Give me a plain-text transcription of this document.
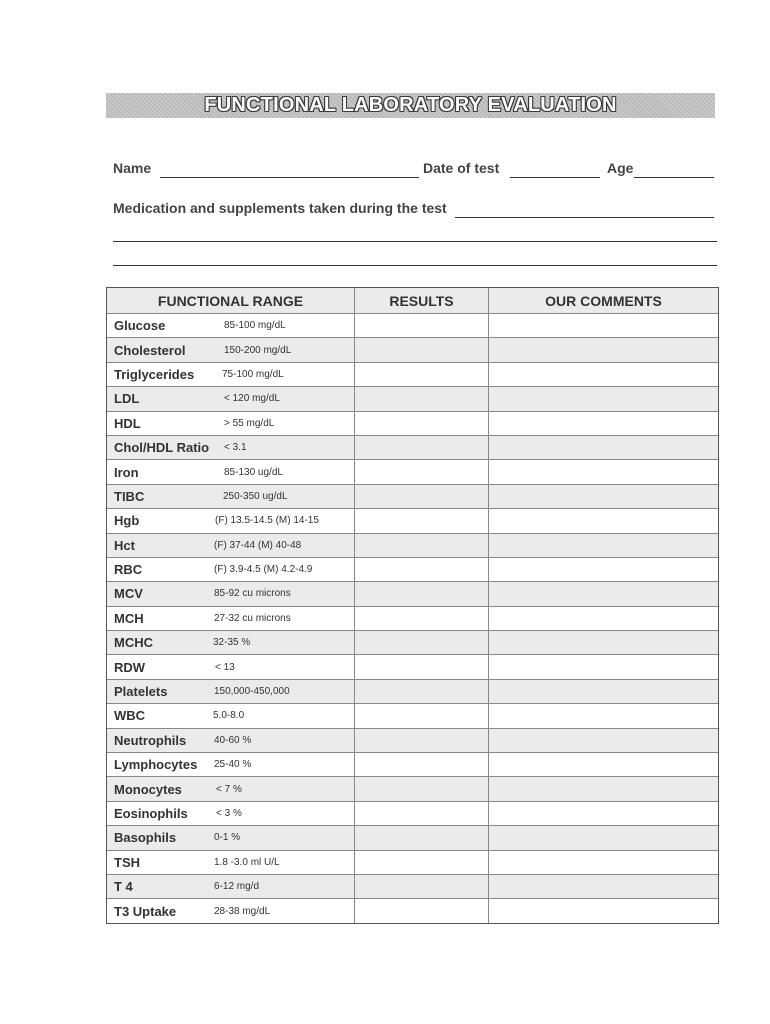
FUNCTIONAL LABORATORY EVALUATION
Name	Date of test	Age
Medication and supplements taken during the test
FUNCTIONAL RANGE	RESULTS	OUR COMMENTS
Glucose	85-100 mg/dL
Cholesterol	150-200 mg/dL
Triglycerides	75-100 mg/dL
LDL	< 120 mg/dL
HDL	> 55 mg/dL
Chol/HDL Ratio	< 3.1
Iron	85-130 ug/dL
TIBC	250-350 ug/dL
Hgb	(F) 13.5-14.5 (M) 14-15
Hct	(F) 37-44 (M) 40-48
RBC	(F) 3.9-4.5 (M) 4.2-4.9
MCV	85-92 cu microns
MCH	27-32 cu microns
MCHC	32-35 %
RDW	< 13
Platelets	150,000-450,000
WBC	5.0-8.0
Neutrophils	40-60 %
Lymphocytes	25-40 %
Monocytes	< 7 %
Eosinophils	< 3 %
Basophils	0-1 %
TSH	1.8 -3.0 ml U/L
T 4	6-12 mg/d
T3 Uptake	28-38 mg/dL
